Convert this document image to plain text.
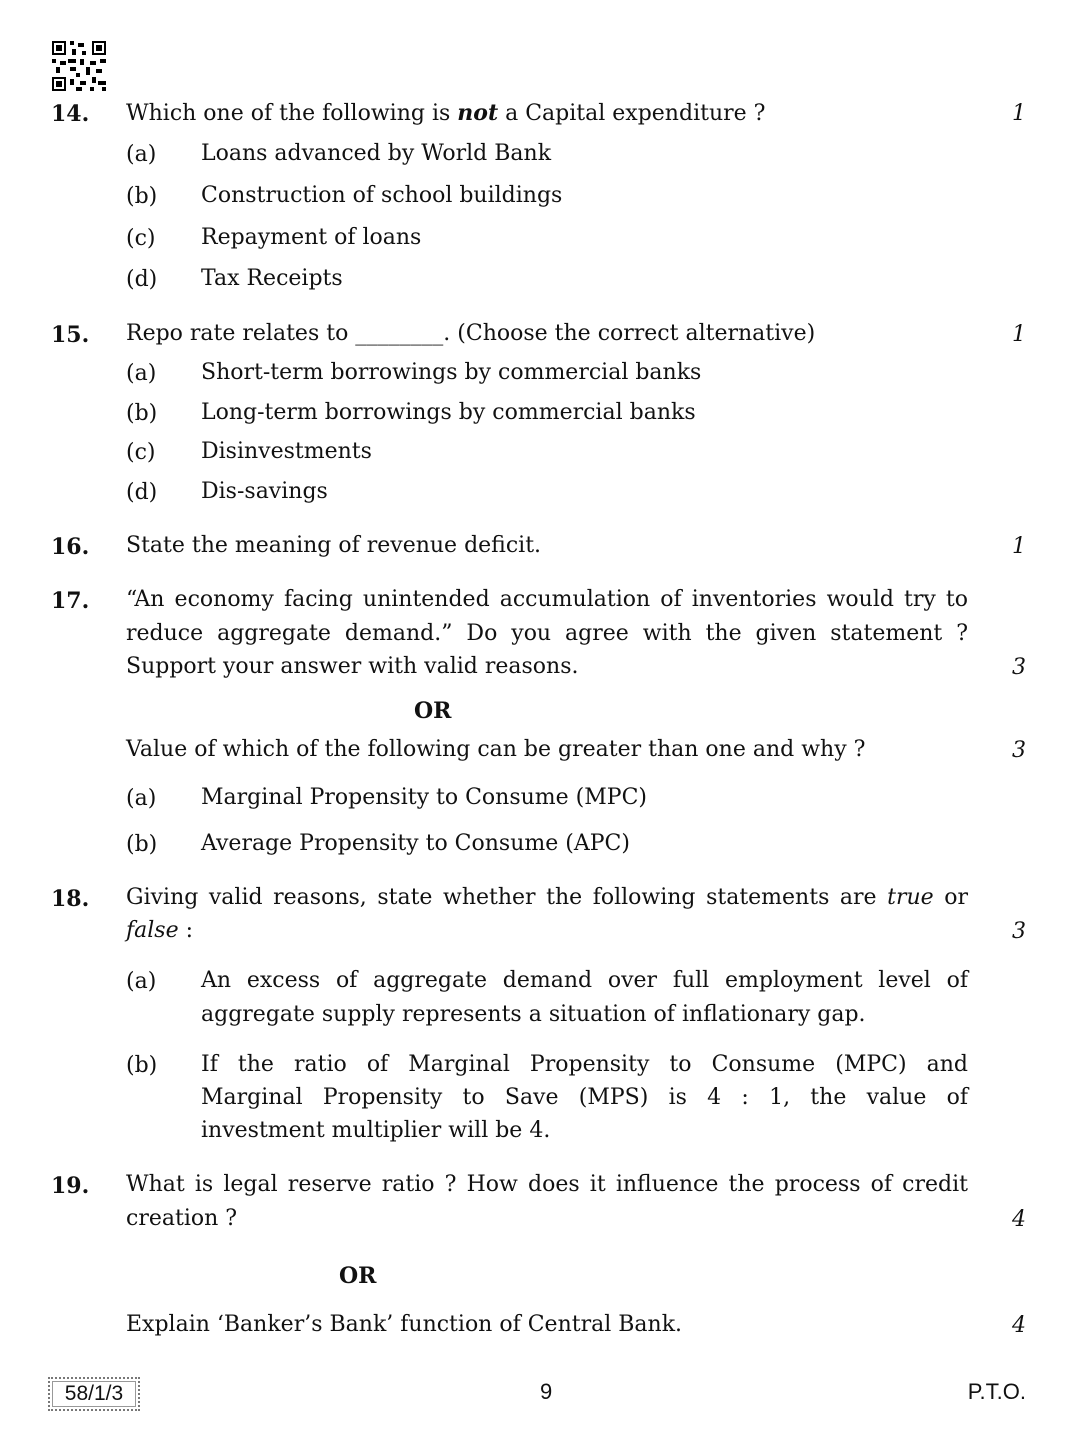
14. Which one of the following is not a Capital expenditure ?	1
(a) Loans advanced by World Bank
(b) Construction of school buildings
(c) Repayment of loans
(d) Tax Receipts
15. Repo rate relates to ________. (Choose the correct alternative)	1
(a) Short-term borrowings by commercial banks
(b) Long-term borrowings by commercial banks
(c) Disinvestments
(d) Dis-savings
16. State the meaning of revenue deficit.	1
17. “An economy facing unintended accumulation of inventories would try to
reduce aggregate demand.” Do you agree with the given statement ?
Support your answer with valid reasons.	3
OR
Value of which of the following can be greater than one and why ?	3
(a) Marginal Propensity to Consume (MPC)
(b) Average Propensity to Consume (APC)
18. Giving valid reasons, state whether the following statements are true or
false :	3
(a) An excess of aggregate demand over full employment level of
aggregate supply represents a situation of inflationary gap.
(b) If the ratio of Marginal Propensity to Consume (MPC) and
Marginal Propensity to Save (MPS) is 4 : 1, the value of
investment multiplier will be 4.
19. What is legal reserve ratio ? How does it influence the process of credit
creation ?	4
OR
Explain ‘Banker’s Bank’ function of Central Bank.	4
58/1/3	9	P.T.O.
